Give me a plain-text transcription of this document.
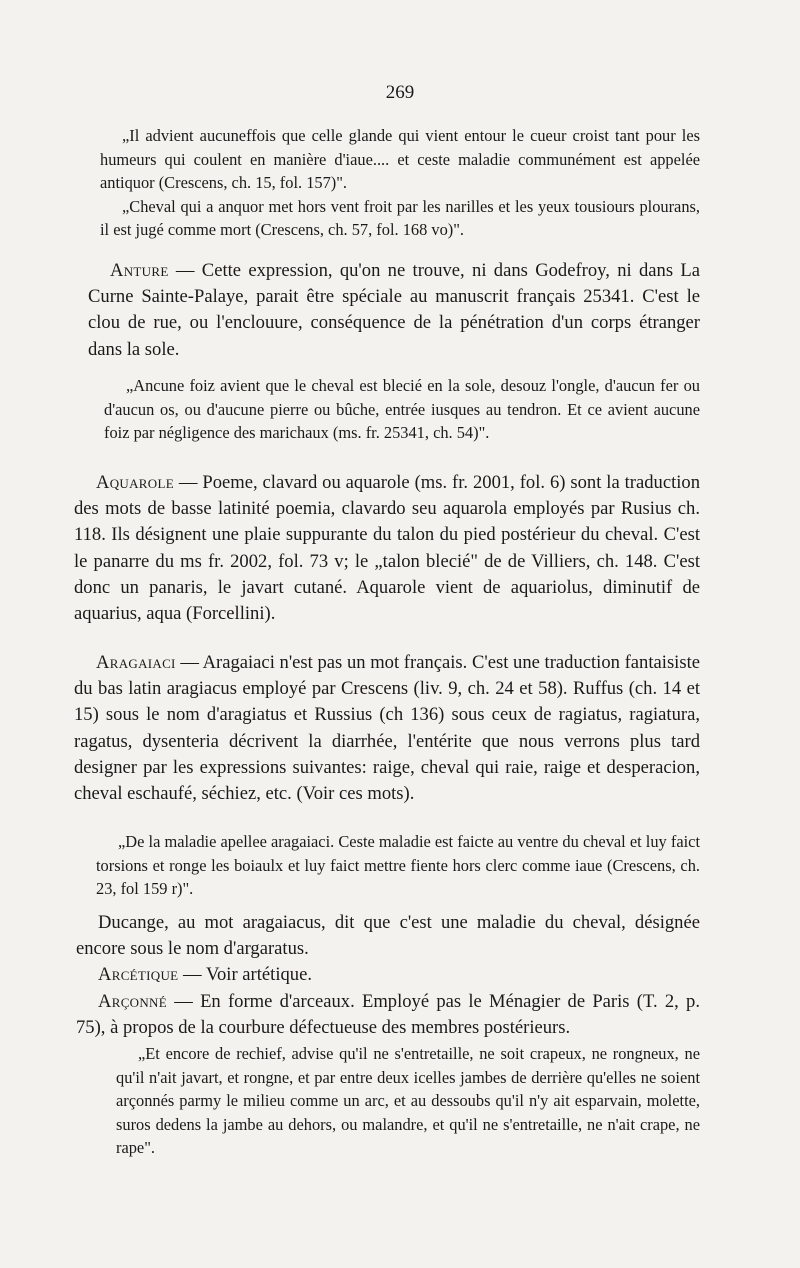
269

„Il advient aucuneffois que celle glande qui vient entour le cueur croist tant pour les humeurs qui coulent en manière d'iaue.... et ceste maladie communément est appelée antiquor (Crescens, ch. 15, fol. 157)".

„Cheval qui a anquor met hors vent froit par les narilles et les yeux tousiours plourans, il est jugé comme mort (Crescens, ch. 57, fol. 168 vo)".

Anture — Cette expression, qu'on ne trouve, ni dans Godefroy, ni dans La Curne Sainte-Palaye, parait être spéciale au manuscrit français 25341. C'est le clou de rue, ou l'enclouure, conséquence de la pénétration d'un corps étranger dans la sole.

„Ancune foiz avient que le cheval est blecié en la sole, desouz l'ongle, d'aucun fer ou d'aucun os, ou d'aucune pierre ou bûche, entrée iusques au tendron. Et ce avient aucune foiz par négligence des marichaux (ms. fr. 25341, ch. 54)".

Aquarole — Poeme, clavard ou aquarole (ms. fr. 2001, fol. 6) sont la traduction des mots de basse latinité poemia, clavardo seu aquarola employés par Rusius ch. 118. Ils désignent une plaie suppurante du talon du pied postérieur du cheval. C'est le panarre du ms fr. 2002, fol. 73 v; le „talon blecié" de de Villiers, ch. 148. C'est donc un panaris, le javart cutané. Aquarole vient de aquariolus, diminutif de aquarius, aqua (Forcellini).

Aragaiaci — Aragaiaci n'est pas un mot français. C'est une traduction fantaisiste du bas latin aragiacus employé par Crescens (liv. 9, ch. 24 et 58). Ruffus (ch. 14 et 15) sous le nom d'aragiatus et Russius (ch 136) sous ceux de ragiatus, ragiatura, ragatus, dysenteria décrivent la diarrhée, l'entérite que nous verrons plus tard designer par les expressions suivantes: raige, cheval qui raie, raige et desperacion, cheval eschaufé, séchiez, etc. (Voir ces mots).

„De la maladie apellee aragaiaci. Ceste maladie est faicte au ventre du cheval et luy faict torsions et ronge les boiaulx et luy faict mettre fiente hors clerc comme iaue (Crescens, ch. 23, fol 159 r)".

Ducange, au mot aragaiacus, dit que c'est une maladie du cheval, désignée encore sous le nom d'argaratus.

Arcétique — Voir artétique.

Arçonné — En forme d'arceaux. Employé pas le Ménagier de Paris (T. 2, p. 75), à propos de la courbure défectueuse des membres postérieurs.

„Et encore de rechief, advise qu'il ne s'entretaille, ne soit crapeux, ne rongneux, ne qu'il n'ait javart, et rongne, et par entre deux icelles jambes de derrière qu'elles ne soient arçonnés parmy le milieu comme un arc, et au dessoubs qu'il n'y ait esparvain, molette, suros dedens la jambe au dehors, ou malandre, et qu'il ne s'entretaille, ne n'ait crape, ne rape".
